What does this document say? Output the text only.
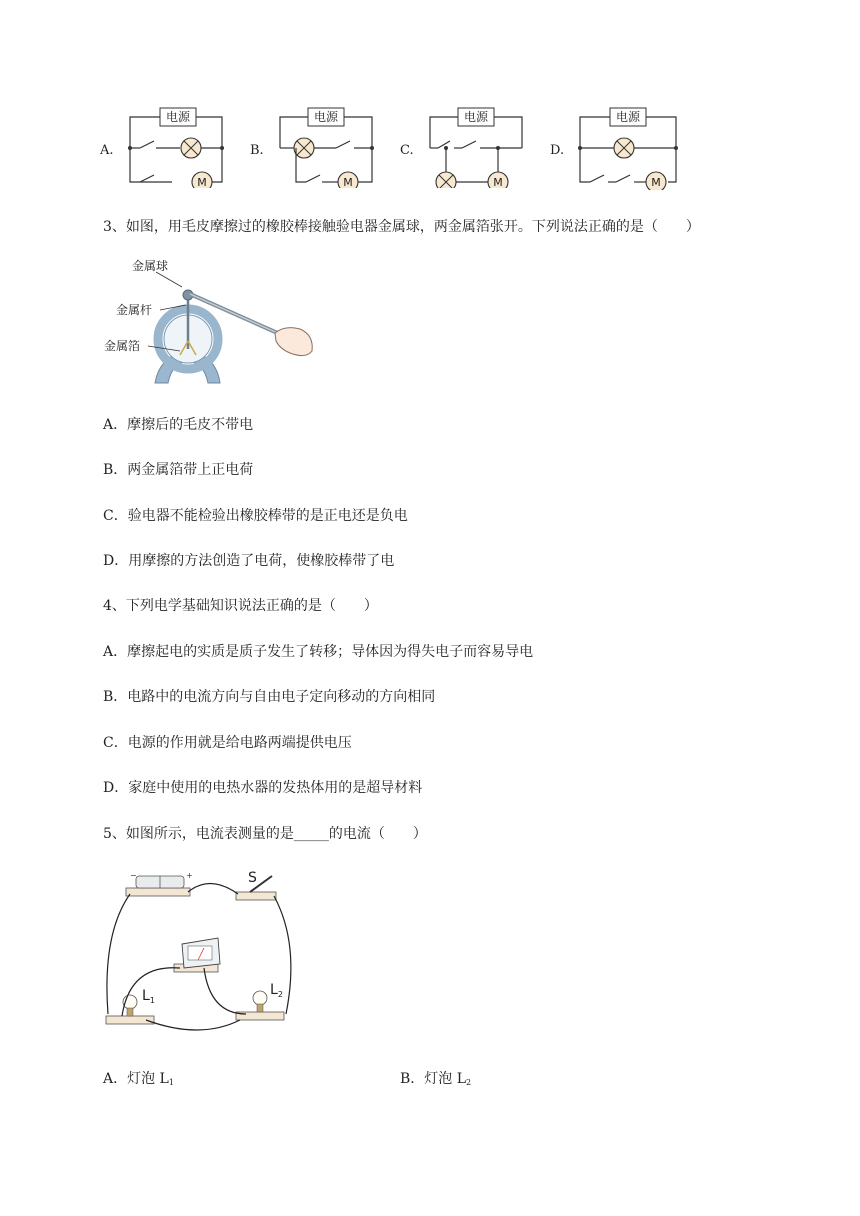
A.
电源
M
B.
电源
M
C.
电源
M
D.
电源
M
3、如图，用毛皮摩擦过的橡胶棒接触验电器金属球，两金属箔张开。下列说法正确的是（　　）
金属球
金属杆
金属箔
A．摩擦后的毛皮不带电
B．两金属箔带上正电荷
C．验电器不能检验出橡胶棒带的是正电还是负电
D．用摩擦的方法创造了电荷，使橡胶棒带了电
4、下列电学基础知识说法正确的是（　　）
A．摩擦起电的实质是质子发生了转移；导体因为得失电子而容易导电
B．电路中的电流方向与自由电子定向移动的方向相同
C．电源的作用就是给电路两端提供电压
D．家庭中使用的电热水器的发热体用的是超导材料
5、如图所示，电流表测量的是_____的电流（　　）
−	+	S
$L_1$
$L_2$
A．灯泡 $L_1$	B．灯泡 $L_2$
